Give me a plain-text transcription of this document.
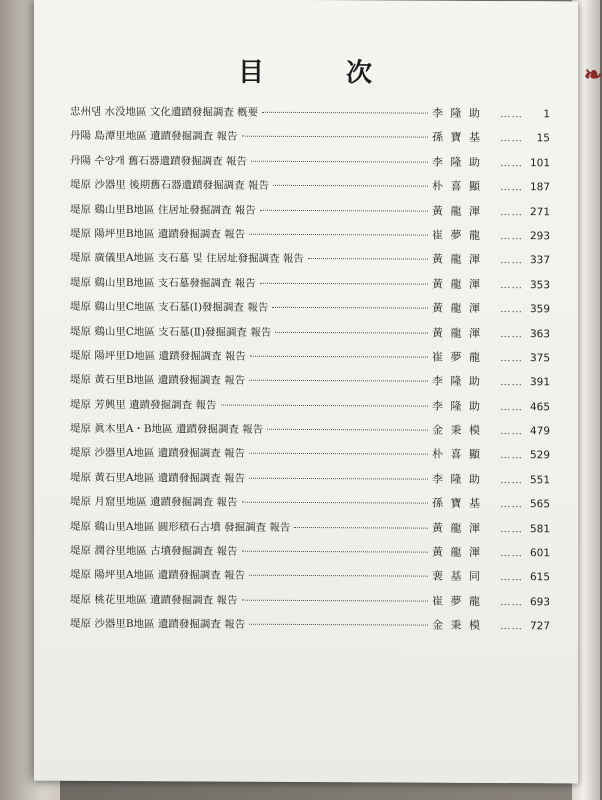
❧
目	次
忠州댐 水没地區 文化遺蹟發掘調査 槪要	李 隆 助	……	1
丹陽 島潭里地區 遺蹟發掘調査 報告	孫 寶 基	……	15
丹陽 수양개 舊石器遺蹟發掘調査 報告	李 隆 助	…… 101
堤原 沙器里 後期舊石器遺蹟發掘調査 報告	朴 喜 顯	…… 187
堤原 鷄山里B地區 住居址發掘調査 報告	黃 龍 渾	…… 271
堤原 陽坪里B地區 遺蹟發掘調査 報告	崔 夢 龍	…… 293
堤原 廣儀里A地區 支石墓 및 住居址發掘調査 報告	黃 龍 渾	…… 337
堤原 鷄山里B地區 支石墓發掘調査 報告	黃 龍 渾	…… 353
堤原 鷄山里C地區 支石墓(Ⅰ)發掘調査 報告	黃 龍 渾	…… 359
堤原 鷄山里C地區 支石墓(Ⅱ)發掘調査 報告	黃 龍 渾	…… 363
堤原 陽坪里D地區 遺蹟發掘調査 報告	崔 夢 龍	…… 375
堤原 黃石里B地區 遺蹟發掘調査 報告	李 隆 助	…… 391
堤原 芳興里 遺蹟發掘調査 報告	李 隆 助	…… 465
堤原 眞木里A・B地區 遺蹟發掘調査 報告	金 秉 模	…… 479
堤原 沙器里A地區 遺蹟發掘調査 報告	朴 喜 顯	…… 529
堤原 黃石里A地區 遺蹟發掘調査 報告	李 隆 助	…… 551
堤原 月窟里地區 遺蹟發掘調査 報告	孫 寶 基	…… 565
堤原 鷄山里A地區 圓形積石古墳 發掘調査 報告	黃 龍 渾	…… 581
堤原 潤谷里地區 古墳發掘調査 報告	黃 龍 渾	…… 601
堤原 陽坪里A地區 遺蹟發掘調査 報告	裵 基 同	…… 615
堤原 桃花里地區 遺蹟發掘調査 報告	崔 夢 龍	…… 693
堤原 沙器里B地區 遺蹟發掘調査 報告	金 秉 模	…… 727
